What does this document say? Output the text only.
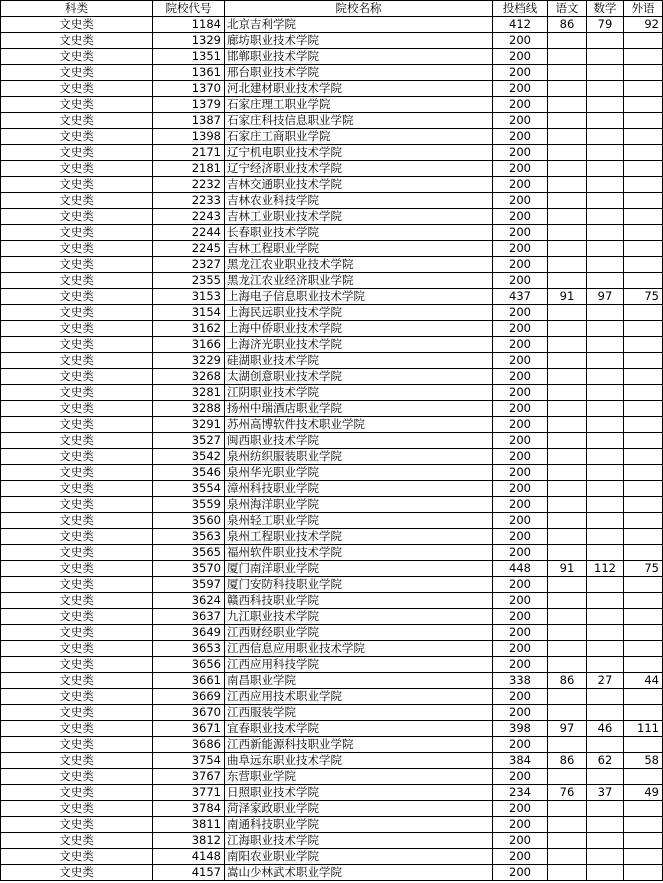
科类	院校代号	院校名称	投档线	语文	数学	外语
文史类	1184	北京吉利学院	412	86	79	92
文史类	1329	廊坊职业技术学院	200			
文史类	1351	邯郸职业技术学院	200			
文史类	1361	邢台职业技术学院	200			
文史类	1370	河北建材职业技术学院	200			
文史类	1379	石家庄理工职业学院	200			
文史类	1387	石家庄科技信息职业学院	200			
文史类	1398	石家庄工商职业学院	200			
文史类	2171	辽宁机电职业技术学院	200			
文史类	2181	辽宁经济职业技术学院	200			
文史类	2232	吉林交通职业技术学院	200			
文史类	2233	吉林农业科技学院	200			
文史类	2243	吉林工业职业技术学院	200			
文史类	2244	长春职业技术学院	200			
文史类	2245	吉林工程职业学院	200			
文史类	2327	黑龙江农业职业技术学院	200			
文史类	2355	黑龙江农业经济职业学院	200			
文史类	3153	上海电子信息职业技术学院	437	91	97	75
文史类	3154	上海民远职业技术学院	200			
文史类	3162	上海中侨职业技术学院	200			
文史类	3166	上海济光职业技术学院	200			
文史类	3229	硅湖职业技术学院	200			
文史类	3268	太湖创意职业技术学院	200			
文史类	3281	江阴职业技术学院	200			
文史类	3288	扬州中瑞酒店职业学院	200			
文史类	3291	苏州高博软件技术职业学院	200			
文史类	3527	闽西职业技术学院	200			
文史类	3542	泉州纺织服装职业学院	200			
文史类	3546	泉州华光职业学院	200			
文史类	3554	漳州科技职业学院	200			
文史类	3559	泉州海洋职业学院	200			
文史类	3560	泉州轻工职业学院	200			
文史类	3563	泉州工程职业技术学院	200			
文史类	3565	福州软件职业技术学院	200			
文史类	3570	厦门南洋职业学院	448	91	112	75
文史类	3597	厦门安防科技职业学院	200			
文史类	3624	赣西科技职业学院	200			
文史类	3637	九江职业技术学院	200			
文史类	3649	江西财经职业学院	200			
文史类	3653	江西信息应用职业技术学院	200			
文史类	3656	江西应用科技学院	200			
文史类	3661	南昌职业学院	338	86	27	44
文史类	3669	江西应用技术职业学院	200			
文史类	3670	江西服装学院	200			
文史类	3671	宜春职业技术学院	398	97	46	111
文史类	3686	江西新能源科技职业学院	200			
文史类	3754	曲阜远东职业技术学院	384	86	62	58
文史类	3767	东营职业学院	200			
文史类	3771	日照职业技术学院	234	76	37	49
文史类	3784	菏泽家政职业学院	200			
文史类	3811	南通科技职业学院	200			
文史类	3812	江海职业技术学院	200			
文史类	4148	南阳农业职业学院	200			
文史类	4157	嵩山少林武术职业学院	200			
